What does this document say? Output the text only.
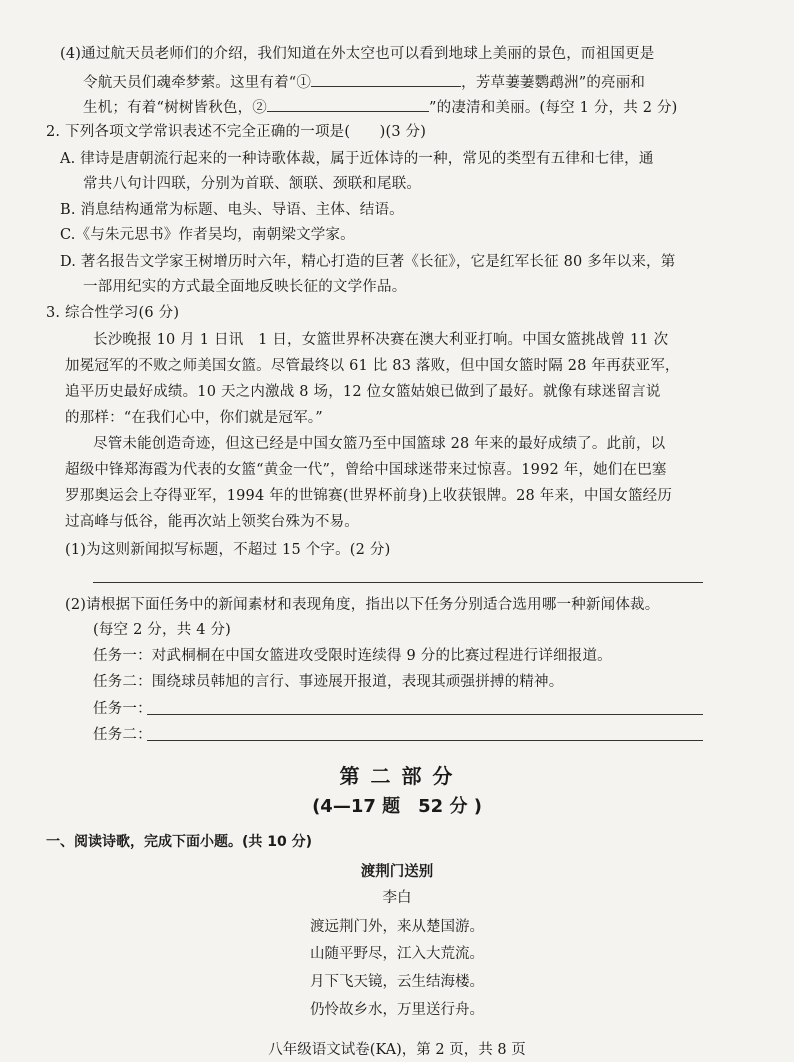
(4)通过航天员老师们的介绍，我们知道在外太空也可以看到地球上美丽的景色，而祖国更是
令航天员们魂牵梦萦。这里有着“①	，芳草萋萋鹦鹉洲”的亮丽和
生机；有着“树树皆秋色，②	”的凄清和美丽。(每空 1 分，共 2 分)
2. 下列各项文学常识表述不完全正确的一项是(　　)(3 分)
A. 律诗是唐朝流行起来的一种诗歌体裁，属于近体诗的一种，常见的类型有五律和七律，通
常共八句计四联，分别为首联、颔联、颈联和尾联。
B. 消息结构通常为标题、电头、导语、主体、结语。
C.《与朱元思书》作者吴均，南朝梁文学家。
D. 著名报告文学家王树增历时六年，精心打造的巨著《长征》，它是红军长征 80 多年以来，第
一部用纪实的方式最全面地反映长征的文学作品。
3. 综合性学习(6 分)
长沙晚报 10 月 1 日讯　1 日，女篮世界杯决赛在澳大利亚打响。中国女篮挑战曾 11 次
加冕冠军的不败之师美国女篮。尽管最终以 61 比 83 落败，但中国女篮时隔 28 年再获亚军，
追平历史最好成绩。10 天之内激战 8 场，12 位女篮姑娘已做到了最好。就像有球迷留言说
的那样：“在我们心中，你们就是冠军。”
尽管未能创造奇迹，但这已经是中国女篮乃至中国篮球 28 年来的最好成绩了。此前，以
超级中锋郑海霞为代表的女篮“黄金一代”，曾给中国球迷带来过惊喜。1992 年，她们在巴塞
罗那奥运会上夺得亚军，1994 年的世锦赛(世界杯前身)上收获银牌。28 年来，中国女篮经历
过高峰与低谷，能再次站上领奖台殊为不易。
(1)为这则新闻拟写标题，不超过 15 个字。(2 分)
(2)请根据下面任务中的新闻素材和表现角度，指出以下任务分别适合选用哪一种新闻体裁。
(每空 2 分，共 4 分)
任务一：对武桐桐在中国女篮进攻受限时连续得 9 分的比赛过程进行详细报道。
任务二：围绕球员韩旭的言行、事迹展开报道，表现其顽强拼搏的精神。
任务一：
任务二：
第 二 部 分
(4—17 题　52 分 )
一、阅读诗歌，完成下面小题。(共 10 分)
渡荆门送别
李白
渡远荆门外，来从楚国游。
山随平野尽，江入大荒流。
月下飞天镜，云生结海楼。
仍怜故乡水，万里送行舟。
八年级语文试卷(KA)，第 2 页，共 8 页
